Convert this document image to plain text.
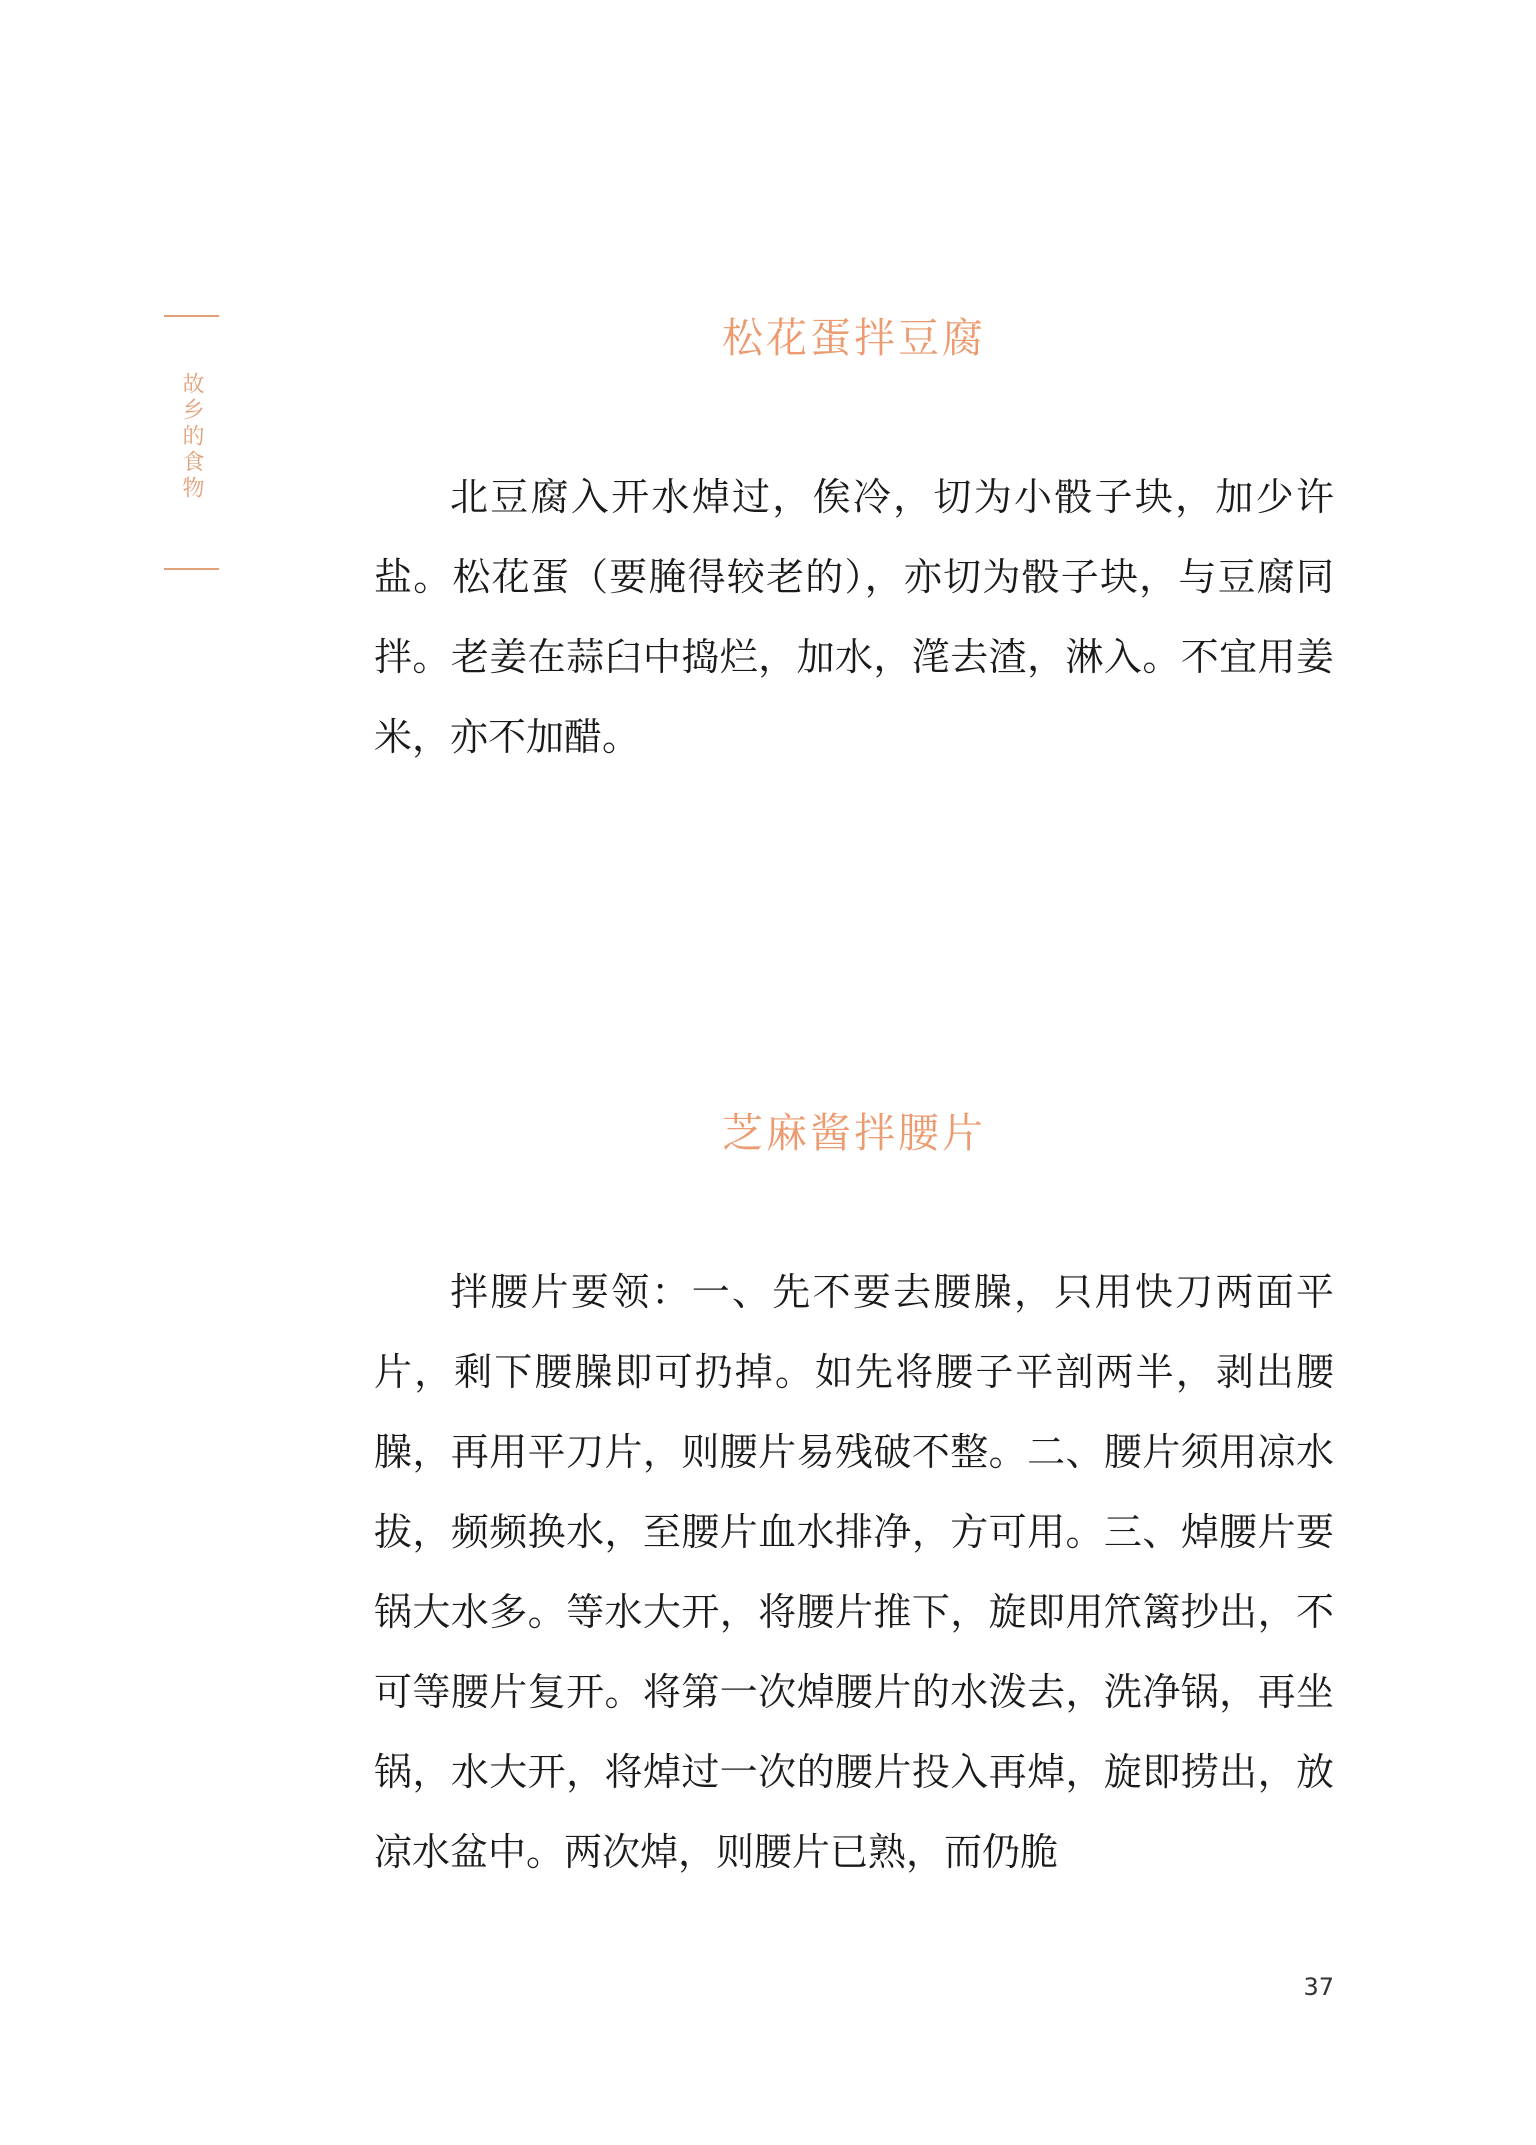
故乡的食物
松花蛋拌豆腐

北豆腐入开水焯过，俟冷，切为小骰子块，加少许盐。松花蛋（要腌得较老的），亦切为骰子块，与豆腐同拌。老姜在蒜臼中捣烂，加水，滗去渣，淋入。不宜用姜米，亦不加醋。

芝麻酱拌腰片

拌腰片要领：一、先不要去腰臊，只用快刀两面平片，剩下腰臊即可扔掉。如先将腰子平剖两半，剥出腰臊，再用平刀片，则腰片易残破不整。二、腰片须用凉水拔，频频换水，至腰片血水排净，方可用。三、焯腰片要锅大水多。等水大开，将腰片推下，旋即用笊篱抄出，不可等腰片复开。将第一次焯腰片的水泼去，洗净锅，再坐锅，水大开，将焯过一次的腰片投入再焯，旋即捞出，放凉水盆中。两次焯，则腰片已熟，而仍脆

37
